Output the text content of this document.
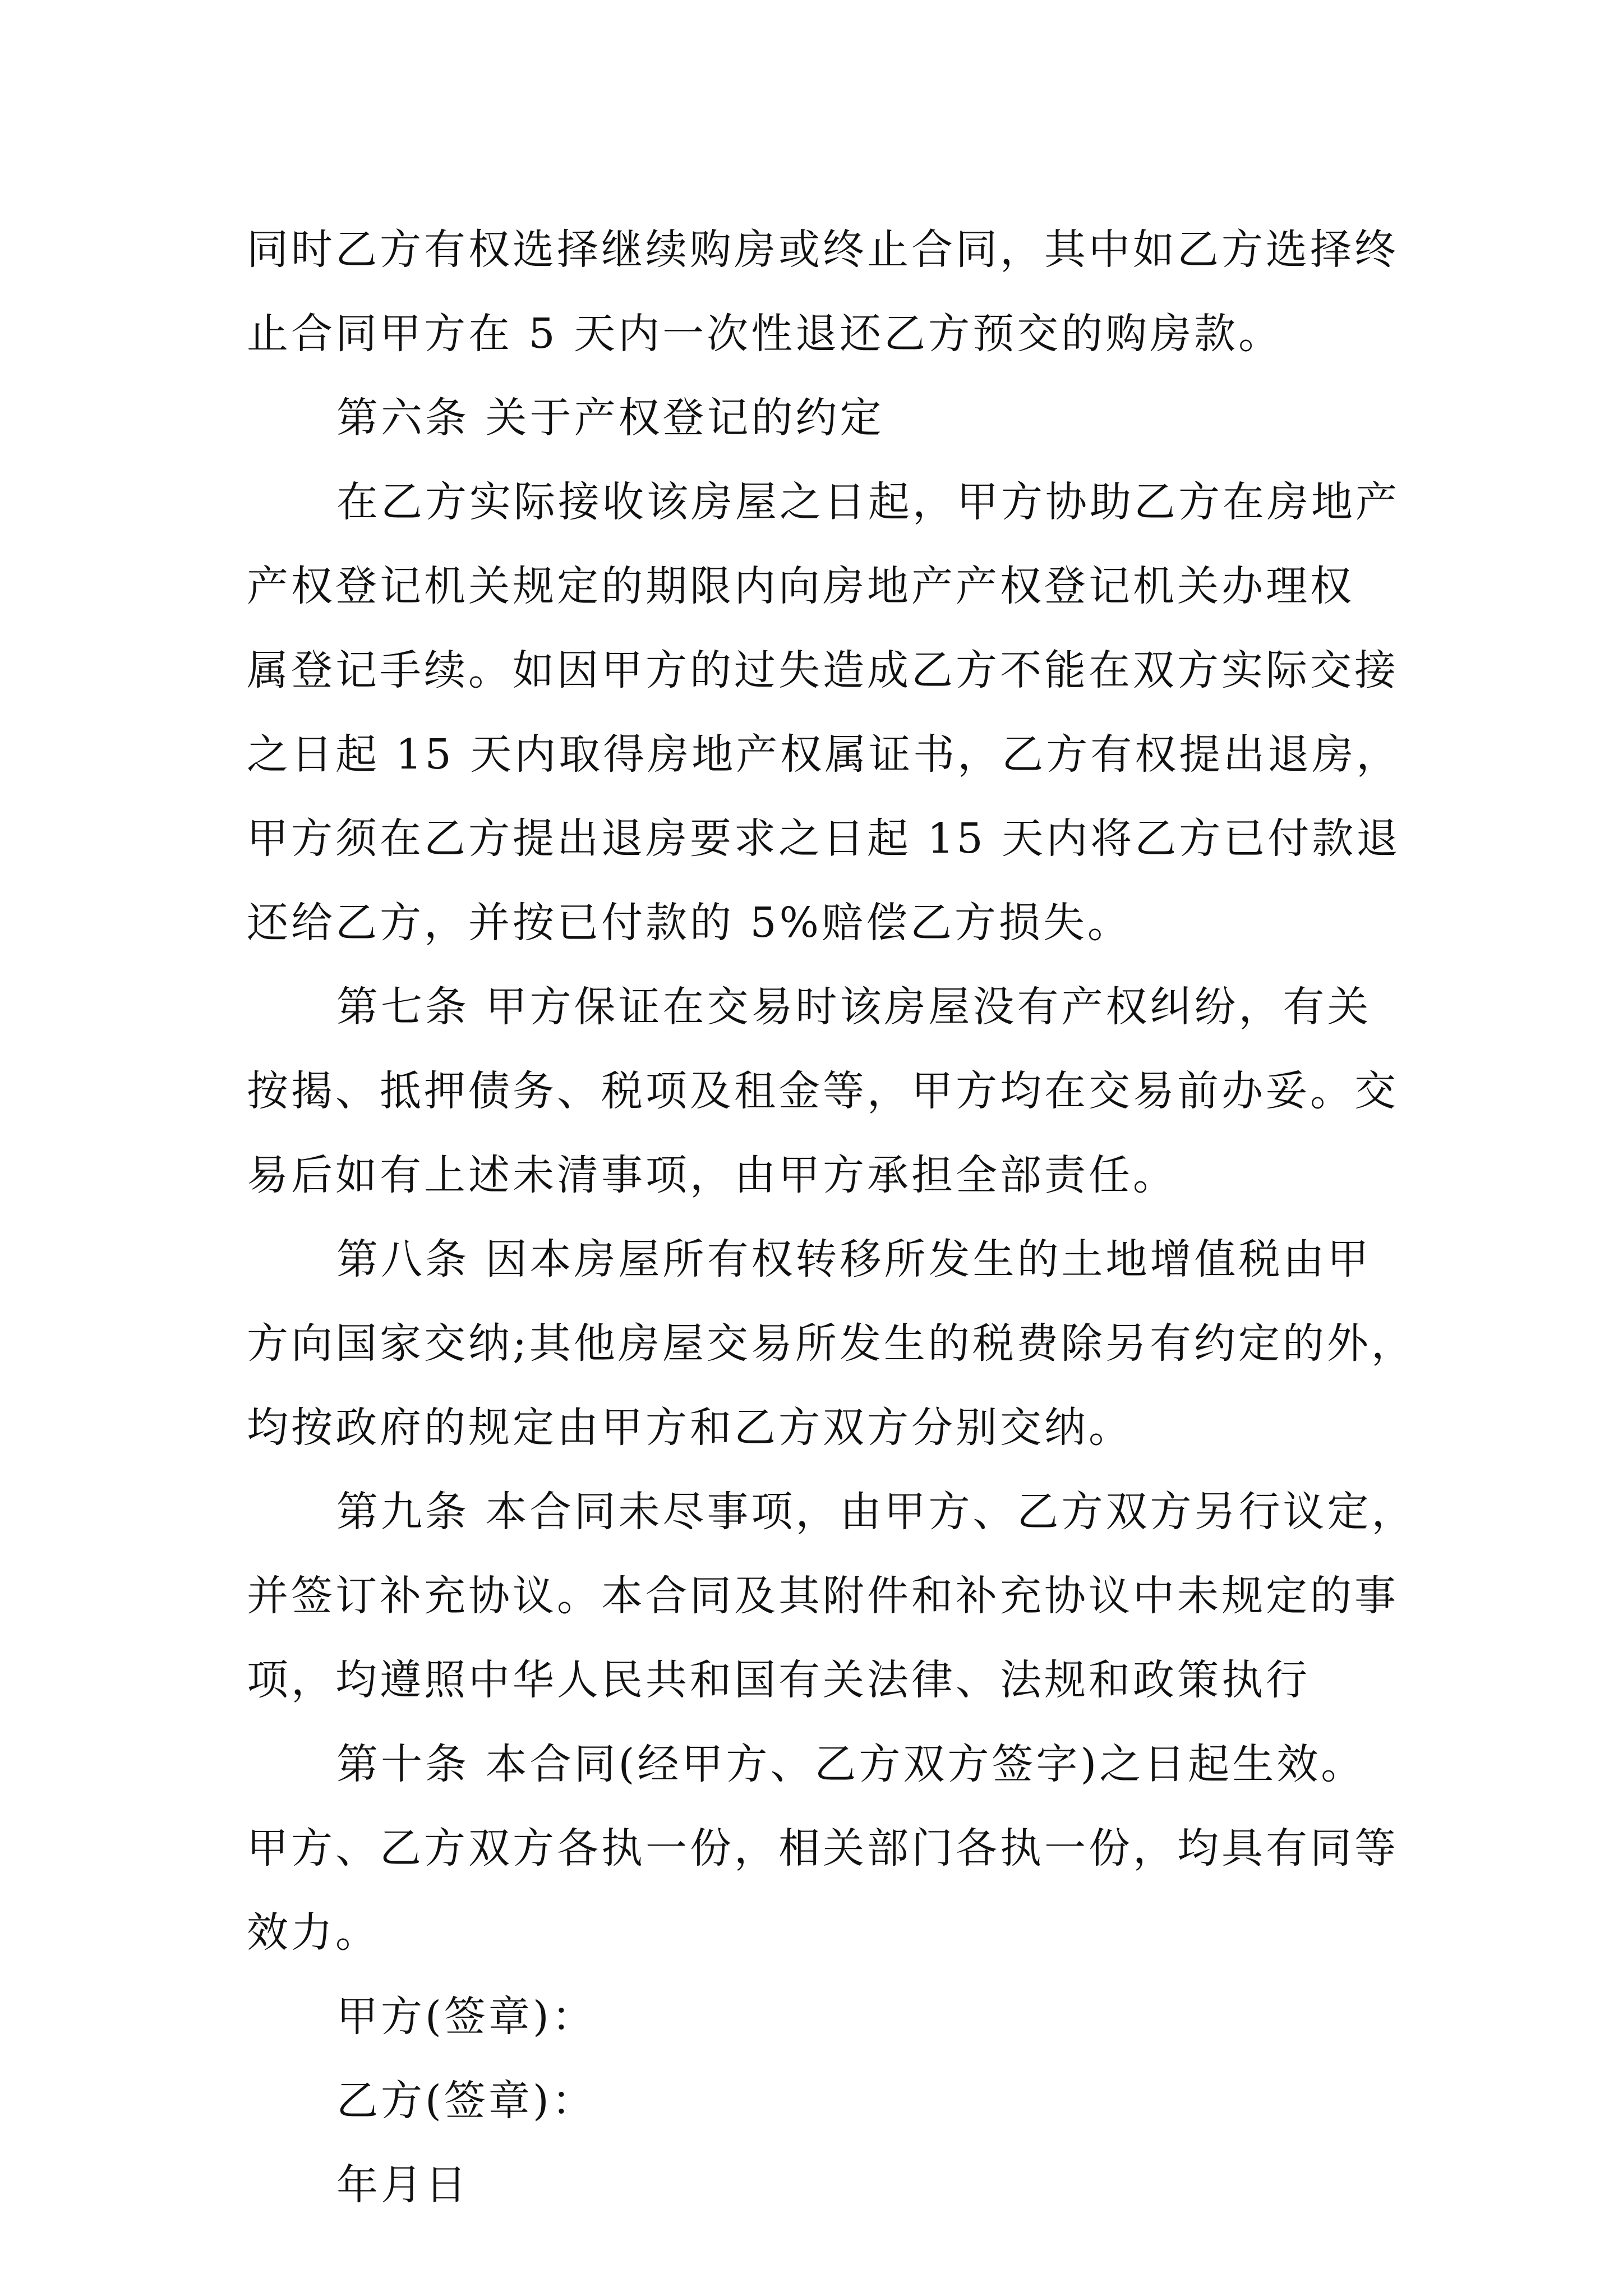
同时乙方有权选择继续购房或终止合同，其中如乙方选择终
止合同甲方在 5 天内一次性退还乙方预交的购房款。
第六条 关于产权登记的约定
在乙方实际接收该房屋之日起，甲方协助乙方在房地产
产权登记机关规定的期限内向房地产产权登记机关办理权
属登记手续。如因甲方的过失造成乙方不能在双方实际交接
之日起 15 天内取得房地产权属证书，乙方有权提出退房，
甲方须在乙方提出退房要求之日起 15 天内将乙方已付款退
还给乙方，并按已付款的 5%赔偿乙方损失。
第七条 甲方保证在交易时该房屋没有产权纠纷，有关
按揭、抵押债务、税项及租金等，甲方均在交易前办妥。交
易后如有上述未清事项，由甲方承担全部责任。
第八条 因本房屋所有权转移所发生的土地增值税由甲
方向国家交纳;其他房屋交易所发生的税费除另有约定的外，
均按政府的规定由甲方和乙方双方分别交纳。
第九条 本合同未尽事项，由甲方、乙方双方另行议定，
并签订补充协议。本合同及其附件和补充协议中未规定的事
项，均遵照中华人民共和国有关法律、法规和政策执行
第十条 本合同(经甲方、乙方双方签字)之日起生效。
甲方、乙方双方各执一份，相关部门各执一份，均具有同等
效力。
甲方(签章)：
乙方(签章)：
年月日
